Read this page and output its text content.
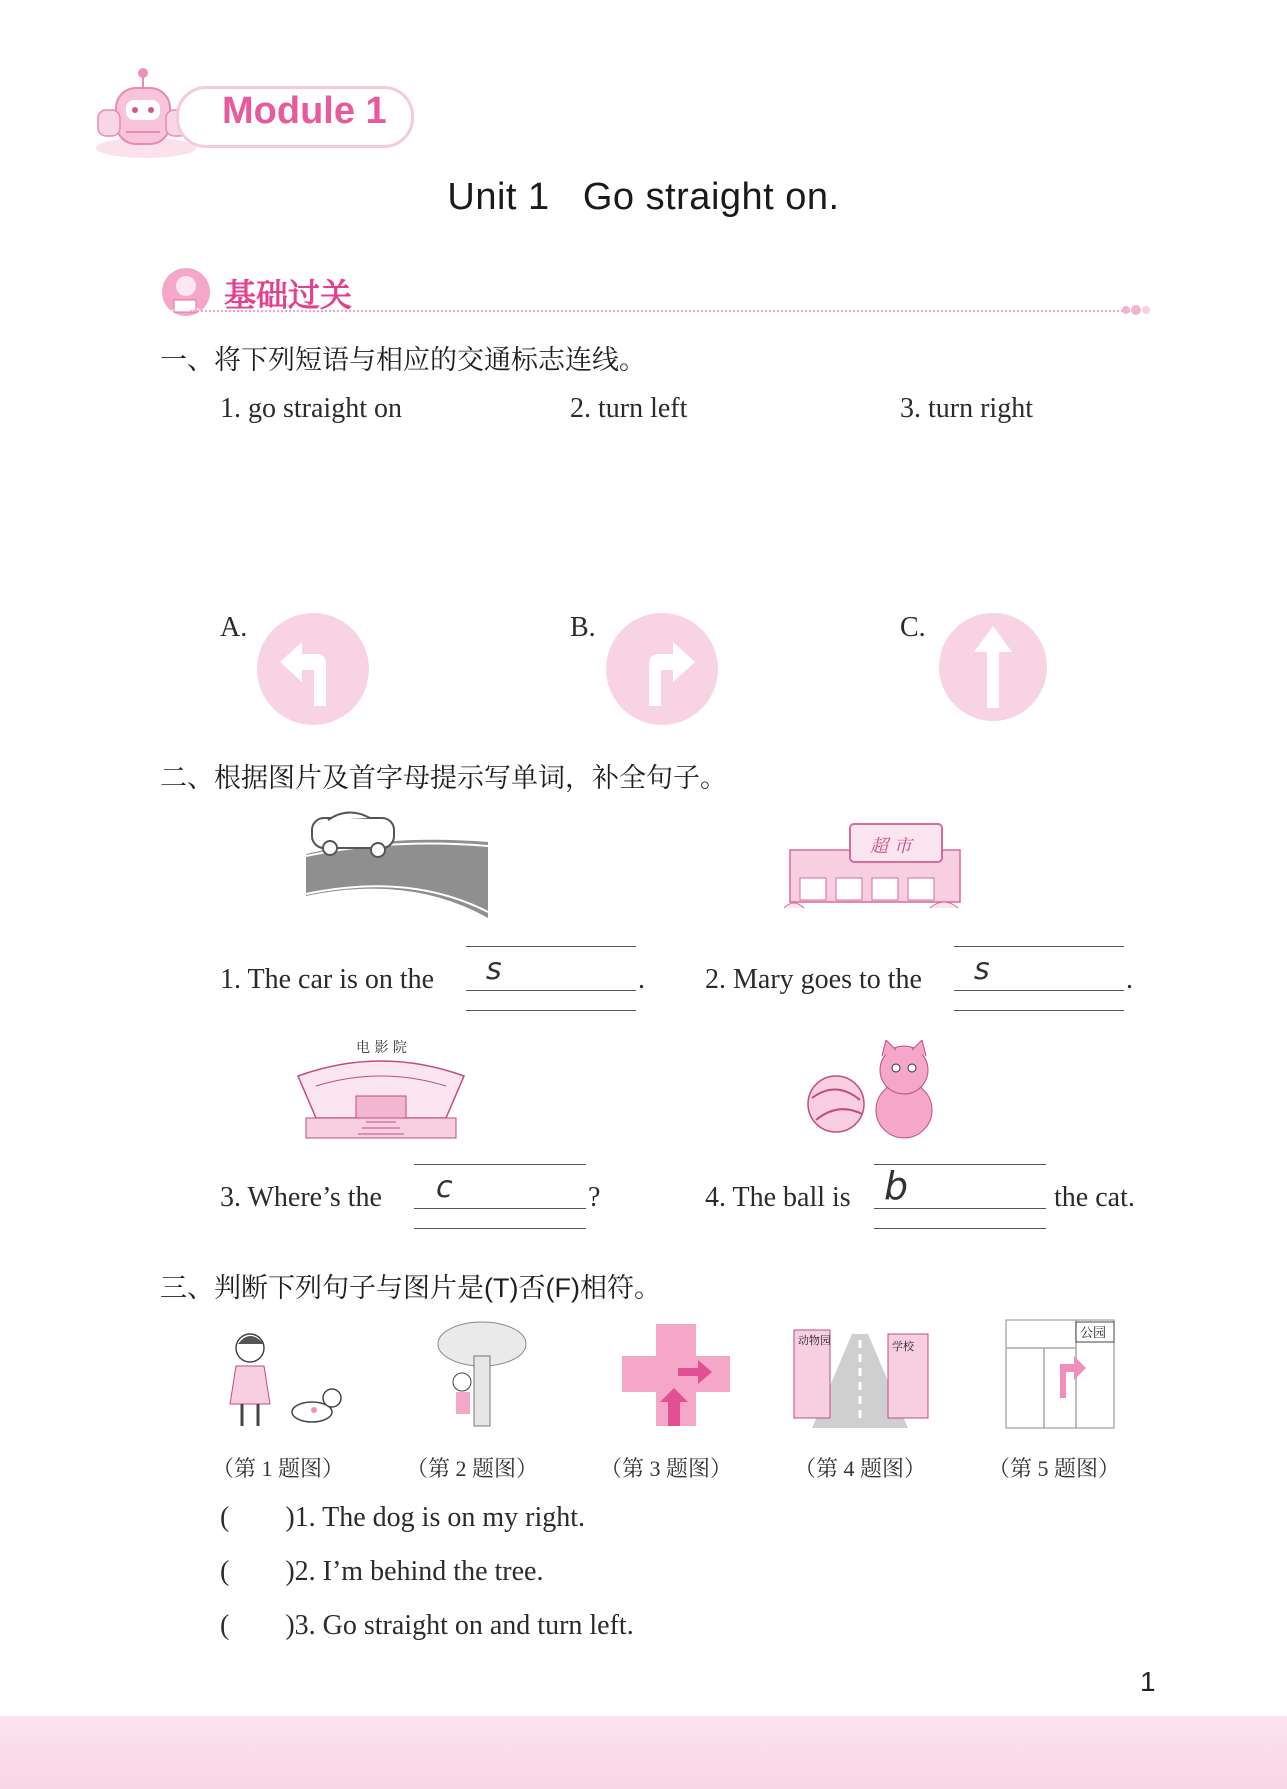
Module 1
Unit 1   Go straight on.
基础过关
一、将下列短语与相应的交通标志连线。
1. go straight on	2. turn left	3. turn right
A.	B.	C.
二、根据图片及首字母提示写单词，补全句子。
超 市
1. The car is on the s	. 2. Mary goes to the s	.
电 影 院
3. Where’s the c	?	4. The ball is b	the cat.
三、判断下列句子与图片是(T)否(F)相符。
动物园	学校
公园
（第 1 题图）	（第 2 题图）	（第 3 题图）	（第 4 题图）	（第 5 题图）
(        )1. The dog is on my right.
(        )2. I’m behind the tree.
(        )3. Go straight on and turn left.
1
